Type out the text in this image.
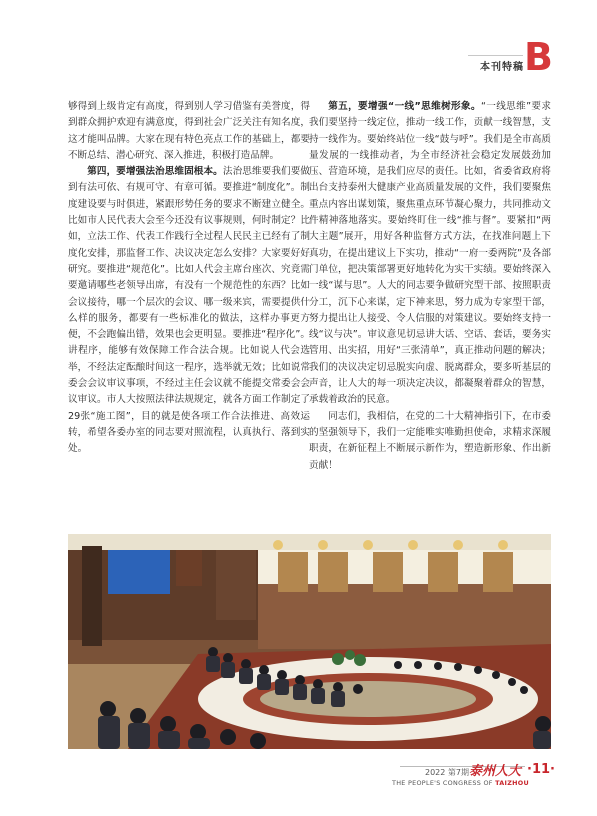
本刊特稿 B

够得到上级肯定有高度，得到别人学习借鉴有美誉度，得到群众拥护欢迎有满意度，得到社会广泛关注有知名度，这才能叫品牌。大家在现有特色亮点工作的基础上，都要不断总结、潜心研究、深入推进，积极打造品牌。

第四，要增强法治思维固根本。法治思维要我们要做到有法可依、有规可守、有章可循。要推进“制度化”。制度建设要与时俱进，紧跟形势任务的要求不断建立健全。比如市人民代表大会至今还没有议事规则，何时制定？比如，立法工作、代表工作践行全过程人民民主已经有了制度化安排，那监督工作、决议决定怎么安排？大家要好好研究。要推进“规范化”。比如人代会主席台座次、究竟需要邀请哪些老领导出席，有没有一个规范性的东西？比如会议接待，哪一个层次的会议、哪一级来宾，需要提供什么样的服务，都要有一些标准化的做法，这样办事更方便，不会跑偏出错，效果也会更明显。要推进“程序化”。讲程序，能够有效保障工作合法合规。比如说人代会选举，不经法定酝酿时间这一程序，选举就无效；比如说常委会会议审议事项，不经过主任会议就不能提交常委会会议审议。市人大按照法律法规规定，就各方面工作制定了29张“施工图”，目的就是使各项工作合法推进、高效运转，希望各委办室的同志要对照流程，认真执行、落到实处。

第五，要增强“一线”思维树形象。“一线思维”要求我们要坚持一线定位，推动一线工作，贡献一线智慧，支持一线作为。要始终站位一线“鼓与呼”。我们是全市高质量发展的一线推动者，为全市经济社会稳定发展鼓劲加压、营造环境，是我们应尽的责任。比如，省委省政府将出台支持泰州大健康产业高质量发展的文件，我们要聚焦重点内容出谋划策，聚焦重点环节凝心聚力，共同推动文件精神落地落实。要始终盯住一线“推与督”。要紧扣“两大主题”展开，用好各种监督方式方法，在找准问题上下真功，在提出建议上下实功，推动“一府一委两院”及各部门单位，把决策部署更好地转化为实干实绩。要始终深入一线“谋与思”。人大的同志要争做研究型干部、按照职责分工，沉下心来谋，定下神来思，努力成为专家型干部，努力提出让人接受、令人信服的对策建议。要始终支持一线“议与决”。审议意见切忌讲大话、空话、套话，要务实管用、出实招，用好“三张清单”，真正推动问题的解决；我们的决议决定切忌脱实向虚、脱离群众，要多听基层的声音，让人大的每一项决定决议，都凝聚着群众的智慧，承载着政治的民意。

同志们，我相信，在党的二十大精神指引下，在市委的坚强领导下，我们一定能唯实唯勤担使命，求精求深履职责，在新征程上不断展示新作为，塑造新形象、作出新贡献！

2022 第7期 泰州人大
THE PEOPLE'S CONGRESS OF TAIZHOU
·11·
